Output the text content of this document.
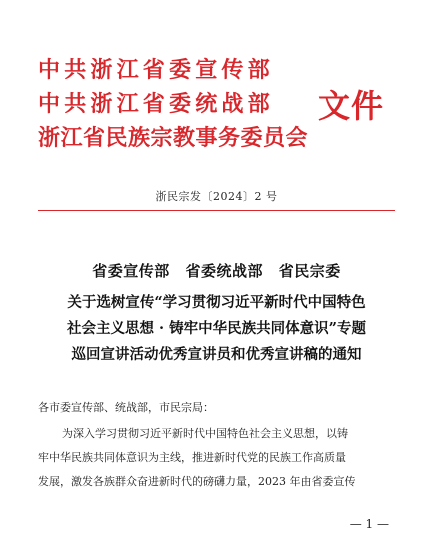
中共浙江省委宣传部
中共浙江省委统战部
浙江省民族宗教事务委员会
文件
浙民宗发〔2024〕2 号
省委宣传部 省委统战部 省民宗委
关于选树宣传“学习贯彻习近平新时代中国特色
社会主义思想 · 铸牢中华民族共同体意识”专题
巡回宣讲活动优秀宣讲员和优秀宣讲稿的通知
各市委宣传部、统战部，市民宗局：
为深入学习贯彻习近平新时代中国特色社会主义思想，以铸
牢中华民族共同体意识为主线，推进新时代党的民族工作高质量
发展，激发各族群众奋进新时代的磅礴力量，2023 年由省委宣传
— 1 —
